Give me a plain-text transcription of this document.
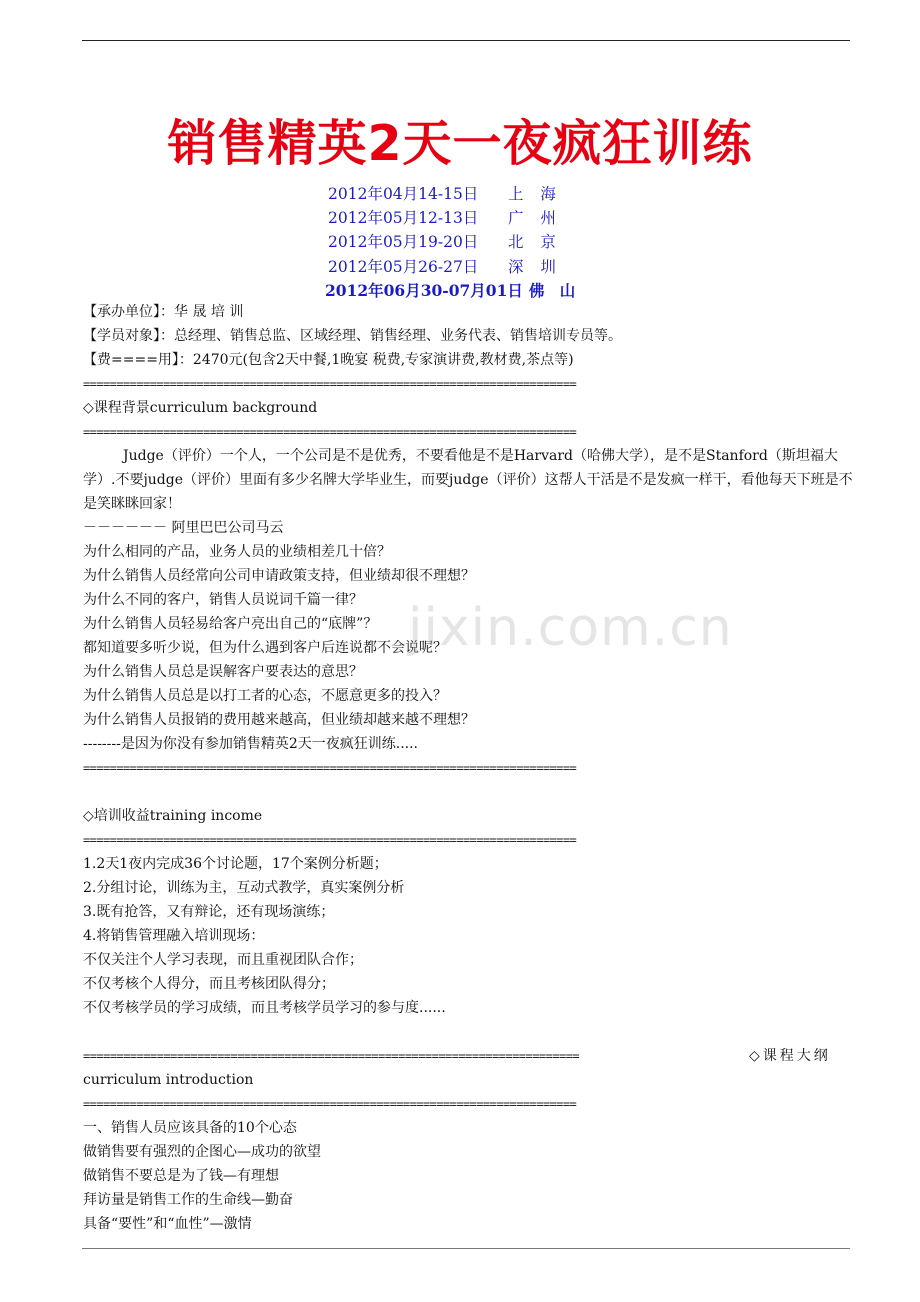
销售精英2天一夜疯狂训练
2012年04月14-15日	上 海
2012年05月12-13日	广 州
2012年05月19-20日	北 京
2012年05月26-27日	深 圳
2012年06月30-07月01日 佛 山
【承办单位】：华 晟 培 训
【学员对象】：总经理、销售总监、区域经理、销售经理、业务代表、销售培训专员等。
【费====用】：2470元(包含2天中餐,1晚宴 税费,专家演讲费,教材费,茶点等)
==========================================================================
◇课程背景curriculum background
==========================================================================
Judge（评价）一个人，一个公司是不是优秀，不要看他是不是Harvard（哈佛大学），是不是Stanford（斯坦福大学）.不要judge（评价）里面有多少名牌大学毕业生，而要judge（评价）这帮人干活是不是发疯一样干，看他每天下班是不是笑眯眯回家！
－－－－－－ 阿里巴巴公司马云
为什么相同的产品，业务人员的业绩相差几十倍？
为什么销售人员经常向公司申请政策支持，但业绩却很不理想？
为什么不同的客户，销售人员说词千篇一律？
为什么销售人员轻易给客户亮出自己的“底牌”？
都知道要多听少说，但为什么遇到客户后连说都不会说呢？
为什么销售人员总是误解客户要表达的意思？
为什么销售人员总是以打工者的心态，不愿意更多的投入？
为什么销售人员报销的费用越来越高，但业绩却越来越不理想？
--------是因为你没有参加销售精英2天一夜疯狂训练.....
==========================================================================
◇培训收益training income
==========================================================================
1.2天1夜内完成36个讨论题，17个案例分析题；
2.分组讨论，训练为主，互动式教学，真实案例分析
3.既有抢答，又有辩论，还有现场演练；
4.将销售管理融入培训现场：
不仅关注个人学习表现，而且重视团队合作；
不仅考核个人得分，而且考核团队得分；
不仅考核学员的学习成绩，而且考核学员学习的参与度......
==========================================================================	◇课程大纲
curriculum introduction
==========================================================================
一、销售人员应该具备的10个心态
做销售要有强烈的企图心—成功的欲望
做销售不要总是为了钱—有理想
拜访量是销售工作的生命线—勤奋
具备“要性”和“血性”—激情
jixin.com.cn
